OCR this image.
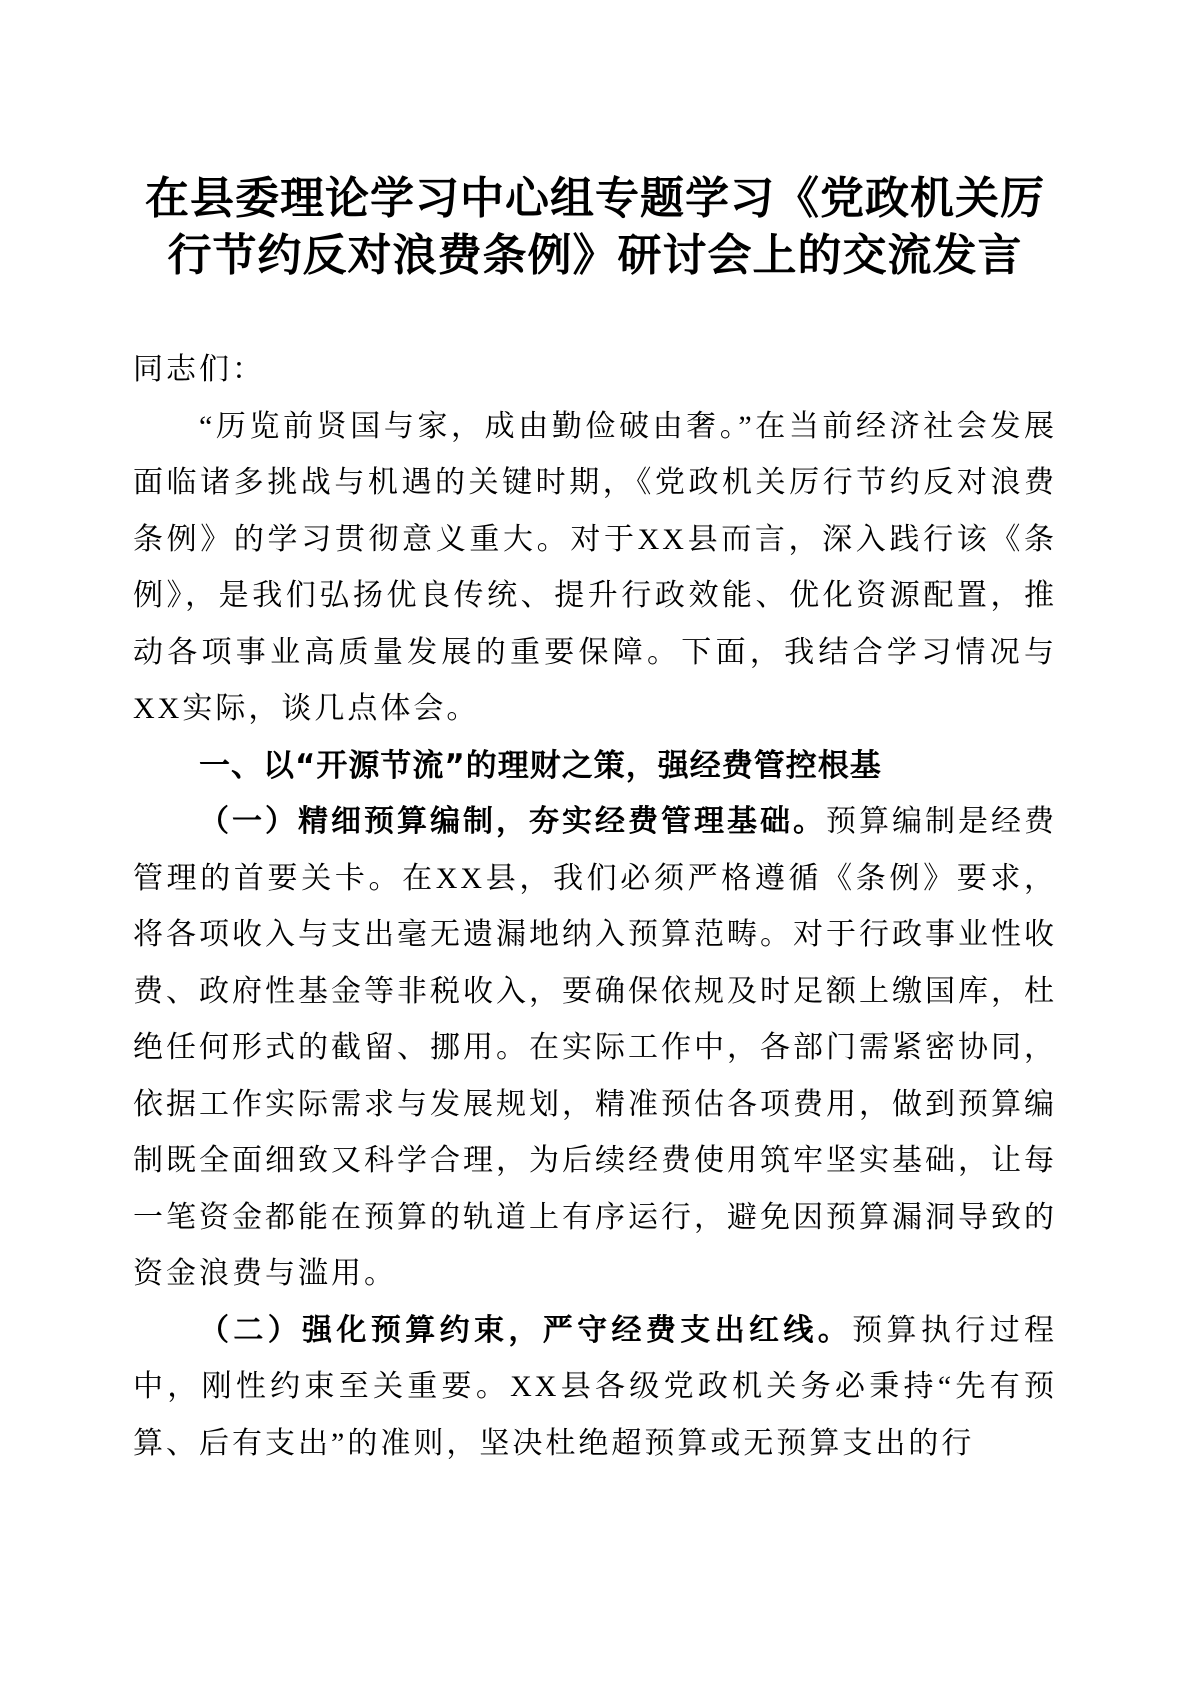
在县委理论学习中心组专题学习《党政机关厉行节约反对浪费条例》研讨会上的交流发言

同志们：

“历览前贤国与家，成由勤俭破由奢。”在当前经济社会发展面临诸多挑战与机遇的关键时期，《党政机关厉行节约反对浪费条例》的学习贯彻意义重大。对于XX县而言，深入践行该《条例》，是我们弘扬优良传统、提升行政效能、优化资源配置，推动各项事业高质量发展的重要保障。下面，我结合学习情况与XX实际，谈几点体会。

一、以“开源节流”的理财之策，强经费管控根基

（一）精细预算编制，夯实经费管理基础。预算编制是经费管理的首要关卡。在XX县，我们必须严格遵循《条例》要求，将各项收入与支出毫无遗漏地纳入预算范畴。对于行政事业性收费、政府性基金等非税收入，要确保依规及时足额上缴国库，杜绝任何形式的截留、挪用。在实际工作中，各部门需紧密协同，依据工作实际需求与发展规划，精准预估各项费用，做到预算编制既全面细致又科学合理，为后续经费使用筑牢坚实基础，让每一笔资金都能在预算的轨道上有序运行，避免因预算漏洞导致的资金浪费与滥用。

（二）强化预算约束，严守经费支出红线。预算执行过程中，刚性约束至关重要。XX县各级党政机关务必秉持“先有预算、后有支出”的准则，坚决杜绝超预算或无预算支出的行
